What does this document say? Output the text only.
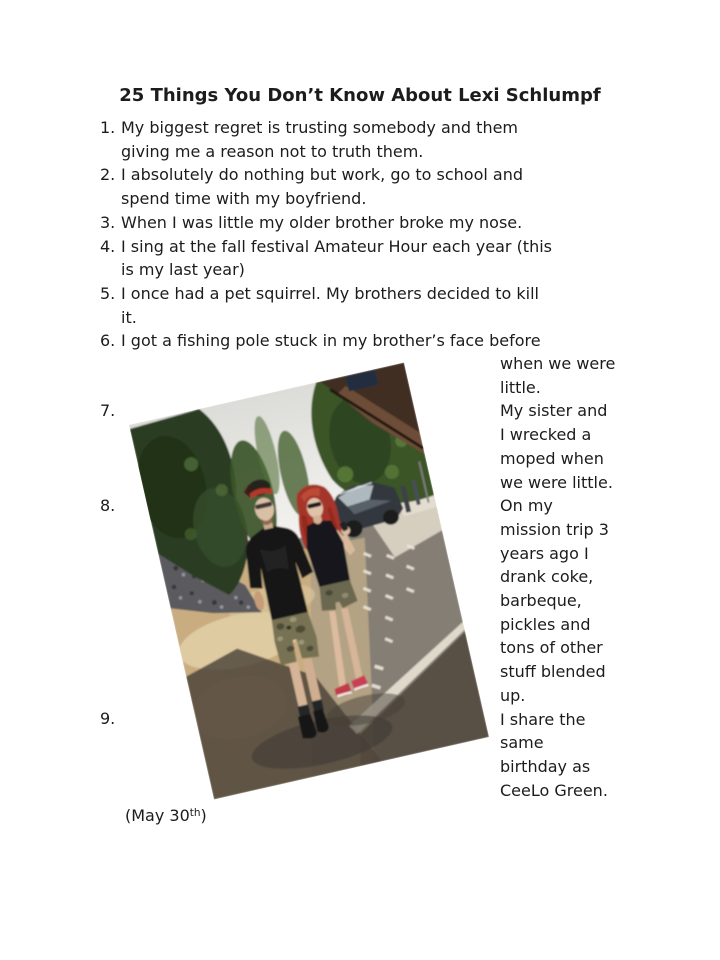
25 Things You Don’t Know About Lexi Schlumpf
1. My biggest regret is trusting somebody and them
giving me a reason not to truth them.
2. I absolutely do nothing but work, go to school and
spend time with my boyfriend.
3. When I was little my older brother broke my nose.
4. I sing at the fall festival Amateur Hour each year (this
is my last year)
5. I once had a pet squirrel. My brothers decided to kill
it.
6. I got a fishing pole stuck in my brother’s face before
7.
8.
9.
when we were
little.
My sister and
I wrecked a
moped when
we were little.
On my
mission trip 3
years ago I
drank coke,
barbeque,
pickles and
tons of other
stuff blended
up.
I share the
same
birthday as
CeeLo Green.
(May 30th)
